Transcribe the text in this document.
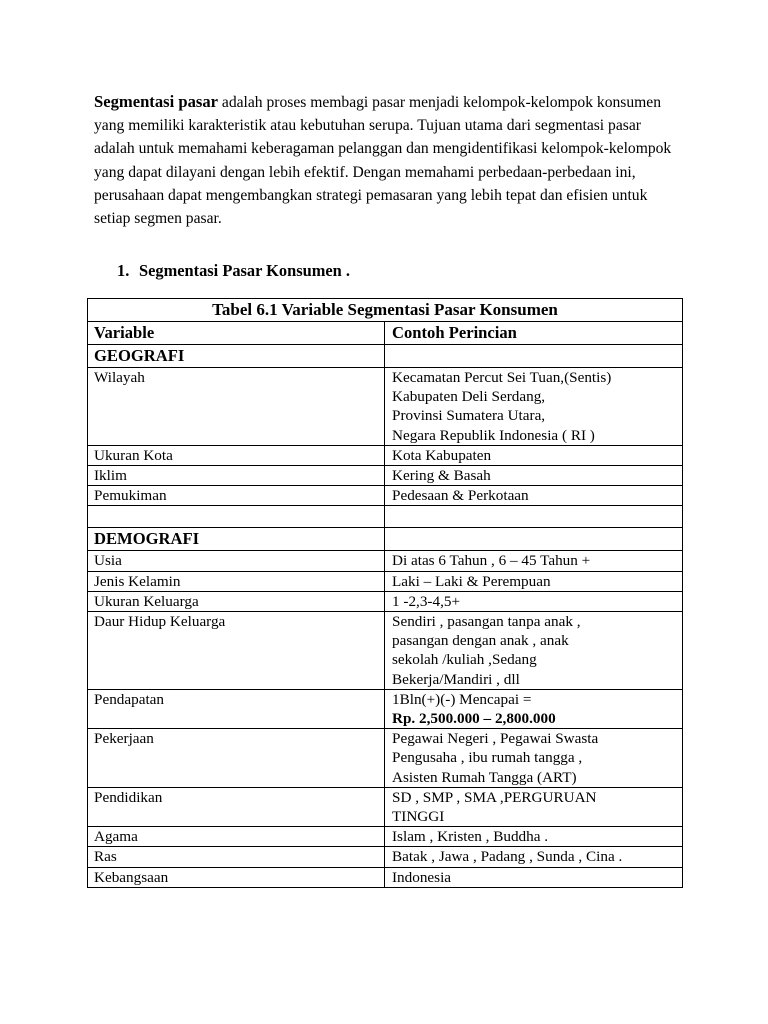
Segmentasi pasar adalah proses membagi pasar menjadi kelompok-kelompok konsumen yang memiliki karakteristik atau kebutuhan serupa. Tujuan utama dari segmentasi pasar adalah untuk memahami keberagaman pelanggan dan mengidentifikasi kelompok-kelompok yang dapat dilayani dengan lebih efektif. Dengan memahami perbedaan-perbedaan ini, perusahaan dapat mengembangkan strategi pemasaran yang lebih tepat dan efisien untuk setiap segmen pasar.

1. Segmentasi Pasar Konsumen .

Tabel 6.1 Variable Segmentasi Pasar Konsumen	
Variable	Contoh Perincian
GEOGRAFI	
Wilayah	Kecamatan Percut Sei Tuan,(Sentis)
Kabupaten Deli Serdang,
Provinsi Sumatera Utara,
Negara Republik Indonesia ( RI )

Ukuran Kota	Kota Kabupaten
Iklim	Kering & Basah
Pemukiman	Pedesaan & Perkotaan

DEMOGRAFI	
Usia	Di atas 6 Tahun , 6 – 45 Tahun +
Jenis Kelamin	Laki – Laki & Perempuan
Ukuran Keluarga	1 -2,3-4,5+
Daur Hidup Keluarga	Sendiri , pasangan tanpa anak ,
pasangan dengan anak , anak
sekolah /kuliah ,Sedang
Bekerja/Mandiri , dll

Pendapatan	1Bln(+)(-) Mencapai =
Rp. 2,500.000 – 2,800.000

Pekerjaan	Pegawai Negeri , Pegawai Swasta
Pengusaha , ibu rumah tangga ,
Asisten Rumah Tangga (ART)

Pendidikan	SD , SMP , SMA ,PERGURUAN
TINGGI

Agama	Islam , Kristen , Buddha .
Ras	Batak , Jawa , Padang , Sunda , Cina .
Kebangsaan	Indonesia
